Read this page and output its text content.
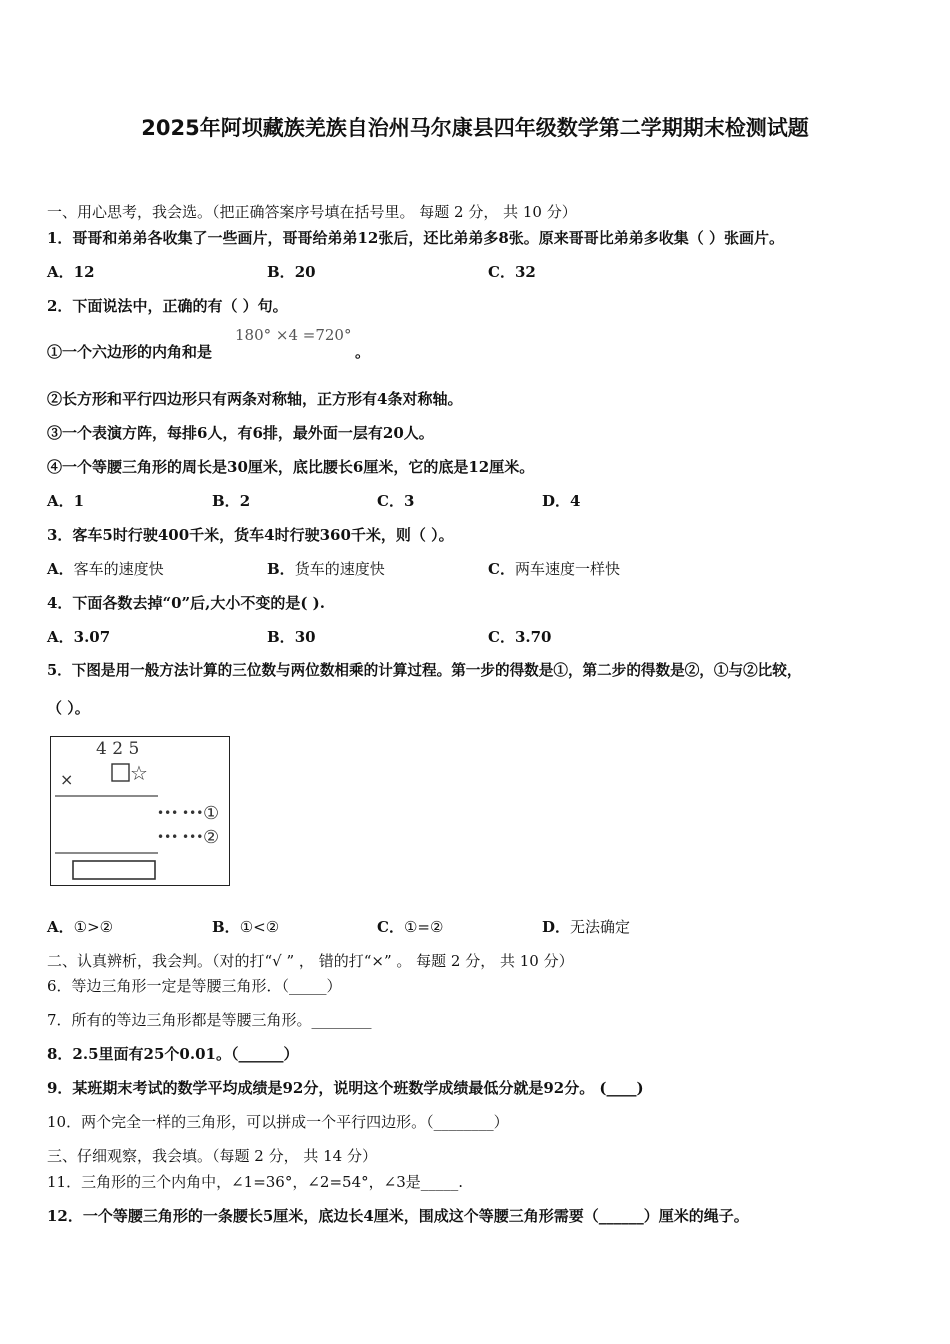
2025年阿坝藏族羌族自治州马尔康县四年级数学第二学期期末检测试题
一、用心思考，我会选。（把正确答案序号填在括号里。 每题 2 分， 共 10 分）
1．哥哥和弟弟各收集了一些画片，哥哥给弟弟12张后，还比弟弟多8张。原来哥哥比弟弟多收集（ ）张画片。
A．12	B．20	C．32
2．下面说法中，正确的有（ ）句。
①一个六边形的内角和是
180° ×4 =720°
。
②长方形和平行四边形只有两条对称轴，正方形有4条对称轴。
③一个表演方阵，每排6人，有6排，最外面一层有20人。
④一个等腰三角形的周长是30厘米，底比腰长6厘米，它的底是12厘米。
A．1	B．2	C．3	D．4
3．客车5时行驶400千米，货车4时行驶360千米，则（ ）。
A．客车的速度快	B．货车的速度快	C．两车速度一样快
4．下面各数去掉“0”后,大小不变的是( ).
A．3.07	B．30	C．3.70
5．下图是用一般方法计算的三位数与两位数相乘的计算过程。第一步的得数是①，第二步的得数是②，①与②比较，
（ ）。
4 2 5
×	☆
••• ••• ①
••• ••• ②
A．①>②	B．①<②	C．①=②	D．无法确定
二、认真辨析，我会判。（对的打“√ ” ， 错的打“×” 。 每题 2 分， 共 10 分）
6．等边三角形一定是等腰三角形．（_____）
7．所有的等边三角形都是等腰三角形。________
8．2.5里面有25个0.01。（______）
9．某班期末考试的数学平均成绩是92分，说明这个班数学成绩最低分就是92分。 (____)
10．两个完全一样的三角形，可以拼成一个平行四边形。（________）
三、仔细观察，我会填。（每题 2 分， 共 14 分）
11．三角形的三个内角中，∠1=36°，∠2=54°，∠3是_____.
12．一个等腰三角形的一条腰长5厘米，底边长4厘米，围成这个等腰三角形需要（______）厘米的绳子。
